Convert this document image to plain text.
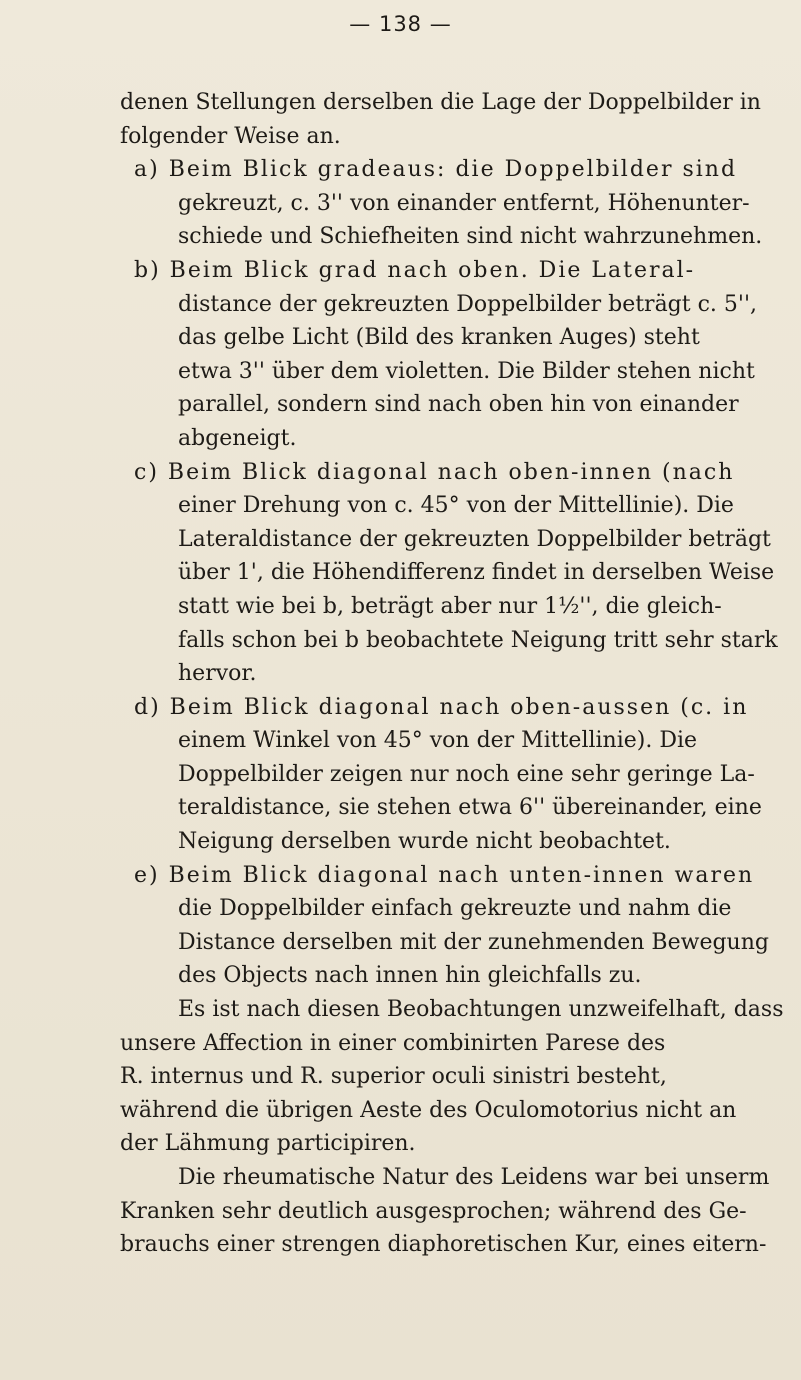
— 138 —
denen Stellungen derselben die Lage der Doppelbilder in
folgender Weise an.
a) Beim Blick gradeaus: die Doppelbilder sind
gekreuzt, c. 3'' von einander entfernt, Höhenunter-
schiede und Schiefheiten sind nicht wahrzunehmen.
b) Beim Blick grad nach oben. Die Lateral-
distance der gekreuzten Doppelbilder beträgt c. 5'',
das gelbe Licht (Bild des kranken Auges) steht
etwa 3'' über dem violetten. Die Bilder stehen nicht
parallel, sondern sind nach oben hin von einander
abgeneigt.
c) Beim Blick diagonal nach oben-innen (nach
einer Drehung von c. 45° von der Mittellinie). Die
Lateraldistance der gekreuzten Doppelbilder beträgt
über 1', die Höhendifferenz findet in derselben Weise
statt wie bei b, beträgt aber nur 1½'', die gleich-
falls schon bei b beobachtete Neigung tritt sehr stark
hervor.
d) Beim Blick diagonal nach oben-aussen (c. in
einem Winkel von 45° von der Mittellinie). Die
Doppelbilder zeigen nur noch eine sehr geringe La-
teraldistance, sie stehen etwa 6'' übereinander, eine
Neigung derselben wurde nicht beobachtet.
e) Beim Blick diagonal nach unten-innen waren
die Doppelbilder einfach gekreuzte und nahm die
Distance derselben mit der zunehmenden Bewegung
des Objects nach innen hin gleichfalls zu.
Es ist nach diesen Beobachtungen unzweifelhaft, dass
unsere Affection in einer combinirten Parese des
R. internus und R. superior oculi sinistri besteht,
während die übrigen Aeste des Oculomotorius nicht an
der Lähmung participiren.
Die rheumatische Natur des Leidens war bei unserm
Kranken sehr deutlich ausgesprochen; während des Ge-
brauchs einer strengen diaphoretischen Kur, eines eitern-
